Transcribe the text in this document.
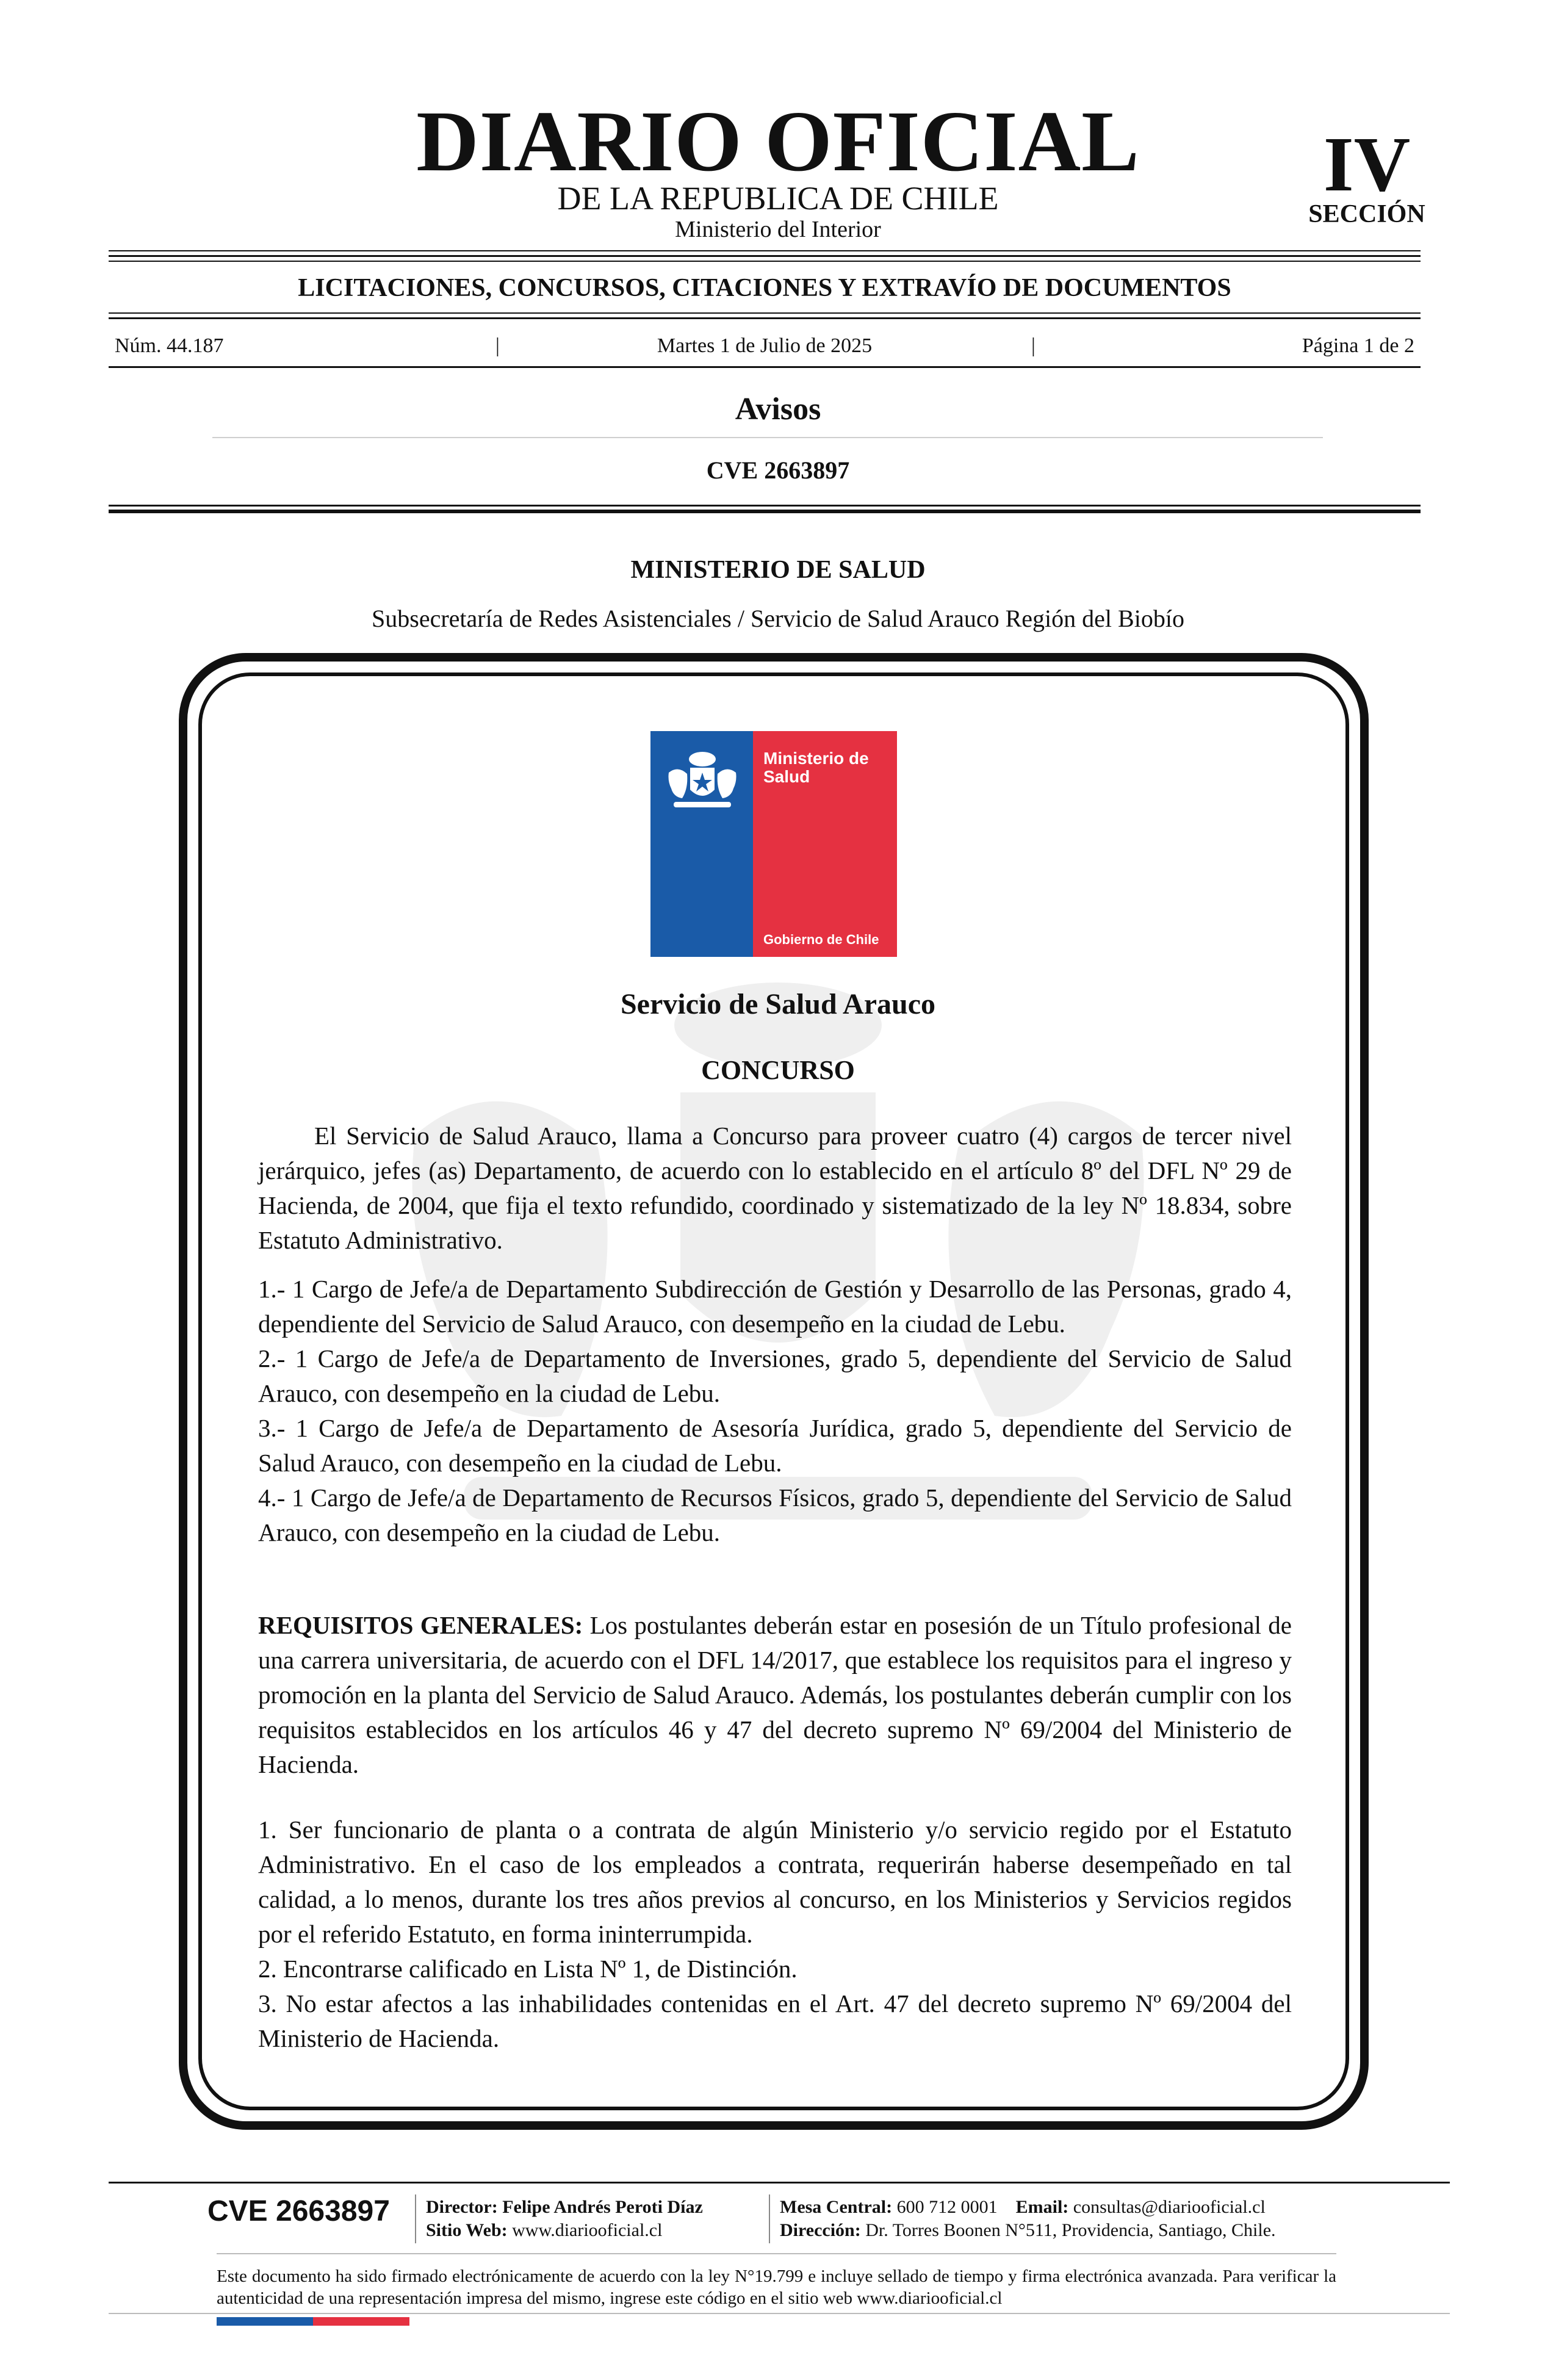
DIARIO OFICIAL
DE LA REPUBLICA DE CHILE
Ministerio del Interior
IV
SECCIÓN
LICITACIONES, CONCURSOS, CITACIONES Y EXTRAVÍO DE DOCUMENTOS
Núm. 44.187	|	Martes 1 de Julio de 2025	|	Página 1 de 2
Avisos
CVE 2663897
MINISTERIO DE SALUD
Subsecretaría de Redes Asistenciales / Servicio de Salud Arauco Región del Biobío
Ministerio de
Salud
Gobierno de Chile
Servicio de Salud Arauco
CONCURSO
El Servicio de Salud Arauco, llama a Concurso para proveer cuatro (4) cargos de tercer nivel jerárquico, jefes (as) Departamento, de acuerdo con lo establecido en el artículo 8º del DFL Nº 29 de Hacienda, de 2004, que fija el texto refundido, coordinado y sistematizado de la ley Nº 18.834, sobre Estatuto Administrativo.

1.- 1 Cargo de Jefe/a de Departamento Subdirección de Gestión y Desarrollo de las Personas, grado 4, dependiente del Servicio de Salud Arauco, con desempeño en la ciudad de Lebu.

2.- 1 Cargo de Jefe/a de Departamento de Inversiones, grado 5, dependiente del Servicio de Salud Arauco, con desempeño en la ciudad de Lebu.

3.- 1 Cargo de Jefe/a de Departamento de Asesoría Jurídica, grado 5, dependiente del Servicio de Salud Arauco, con desempeño en la ciudad de Lebu.

4.- 1 Cargo de Jefe/a de Departamento de Recursos Físicos, grado 5, dependiente del Servicio de Salud Arauco, con desempeño en la ciudad de Lebu.

REQUISITOS GENERALES: Los postulantes deberán estar en posesión de un Título profesional de una carrera universitaria, de acuerdo con el DFL 14/2017, que establece los requisitos para el ingreso y promoción en la planta del Servicio de Salud Arauco. Además, los postulantes deberán cumplir con los requisitos establecidos en los artículos 46 y 47 del decreto supremo Nº 69/2004 del Ministerio de Hacienda.

1. Ser funcionario de planta o a contrata de algún Ministerio y/o servicio regido por el Estatuto Administrativo. En el caso de los empleados a contrata, requerirán haberse desempeñado en tal calidad, a lo menos, durante los tres años previos al concurso, en los Ministerios y Servicios regidos por el referido Estatuto, en forma ininterrumpida.

2. Encontrarse calificado en Lista Nº 1, de Distinción.

3. No estar afectos a las inhabilidades contenidas en el Art. 47 del decreto supremo Nº 69/2004 del Ministerio de Hacienda.

CVE 2663897 Director: Felipe Andrés Peroti Díaz
Sitio Web: www.diariooficial.cl
Mesa Central: 600 712 0001 Email: consultas@diariooficial.cl
Dirección: Dr. Torres Boonen N°511, Providencia, Santiago, Chile.
Este documento ha sido firmado electrónicamente de acuerdo con la ley N°19.799 e incluye sellado de tiempo y firma electrónica avanzada. Para verificar la autenticidad de una representación impresa del mismo, ingrese este código en el sitio web www.diariooficial.cl
